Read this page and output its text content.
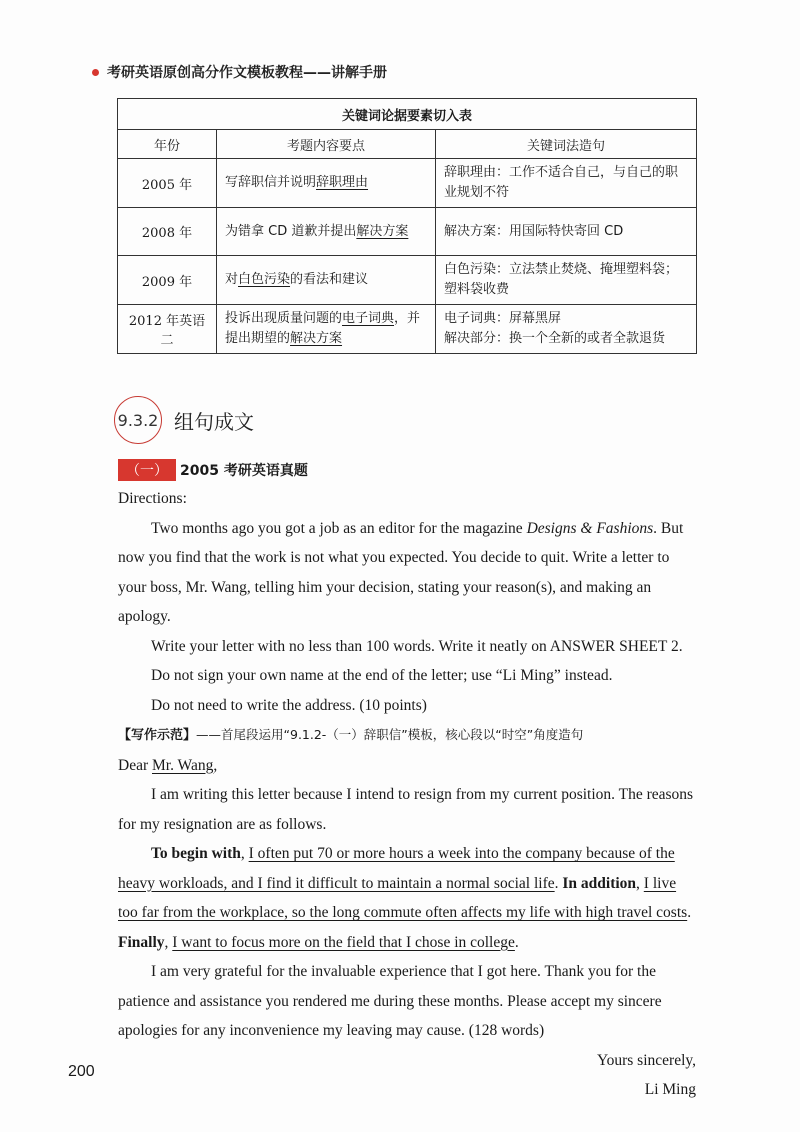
考研英语原创高分作文模板教程——讲解手册
关键词论据要素切入表		
年份	考题内容要点	关键词法造句
2005 年	写辞职信并说明辞职理由	辞职理由：工作不适合自己，与自己的职业规划不符
2008 年	为错拿 CD 道歉并提出解决方案	解决方案：用国际特快寄回 CD
2009 年	对白色污染的看法和建议	白色污染：立法禁止焚烧、掩埋塑料袋；塑料袋收费
2012 年英语二	投诉出现质量问题的电子词典，并提出期望的解决方案	电子词典：屏幕黑屏
解决部分：换一个全新的或者全款退货
9.3.2 组句成文
（一） 2005 考研英语真题

Directions:

Two months ago you got a job as an editor for the magazine Designs & Fashions. But now you find that the work is not what you expected. You decide to quit. Write a letter to your boss, Mr. Wang, telling him your decision, stating your reason(s), and making an apology.

Write your letter with no less than 100 words. Write it neatly on ANSWER SHEET 2.

Do not sign your own name at the end of the letter; use “Li Ming” instead.

Do not need to write the address. (10 points)

【写作示范】——首尾段运用“9.1.2-（一）辞职信”模板，核心段以“时空”角度造句

Dear Mr. Wang,

I am writing this letter because I intend to resign from my current position. The reasons for my resignation are as follows.

To begin with, I often put 70 or more hours a week into the company because of the heavy workloads, and I find it difficult to maintain a normal social life. In addition, I live too far from the workplace, so the long commute often affects my life with high travel costs. Finally, I want to focus more on the field that I chose in college.

I am very grateful for the invaluable experience that I got here. Thank you for the patience and assistance you rendered me during these months. Please accept my sincere apologies for any inconvenience my leaving may cause. (128 words)

Yours sincerely,

Li Ming

200
